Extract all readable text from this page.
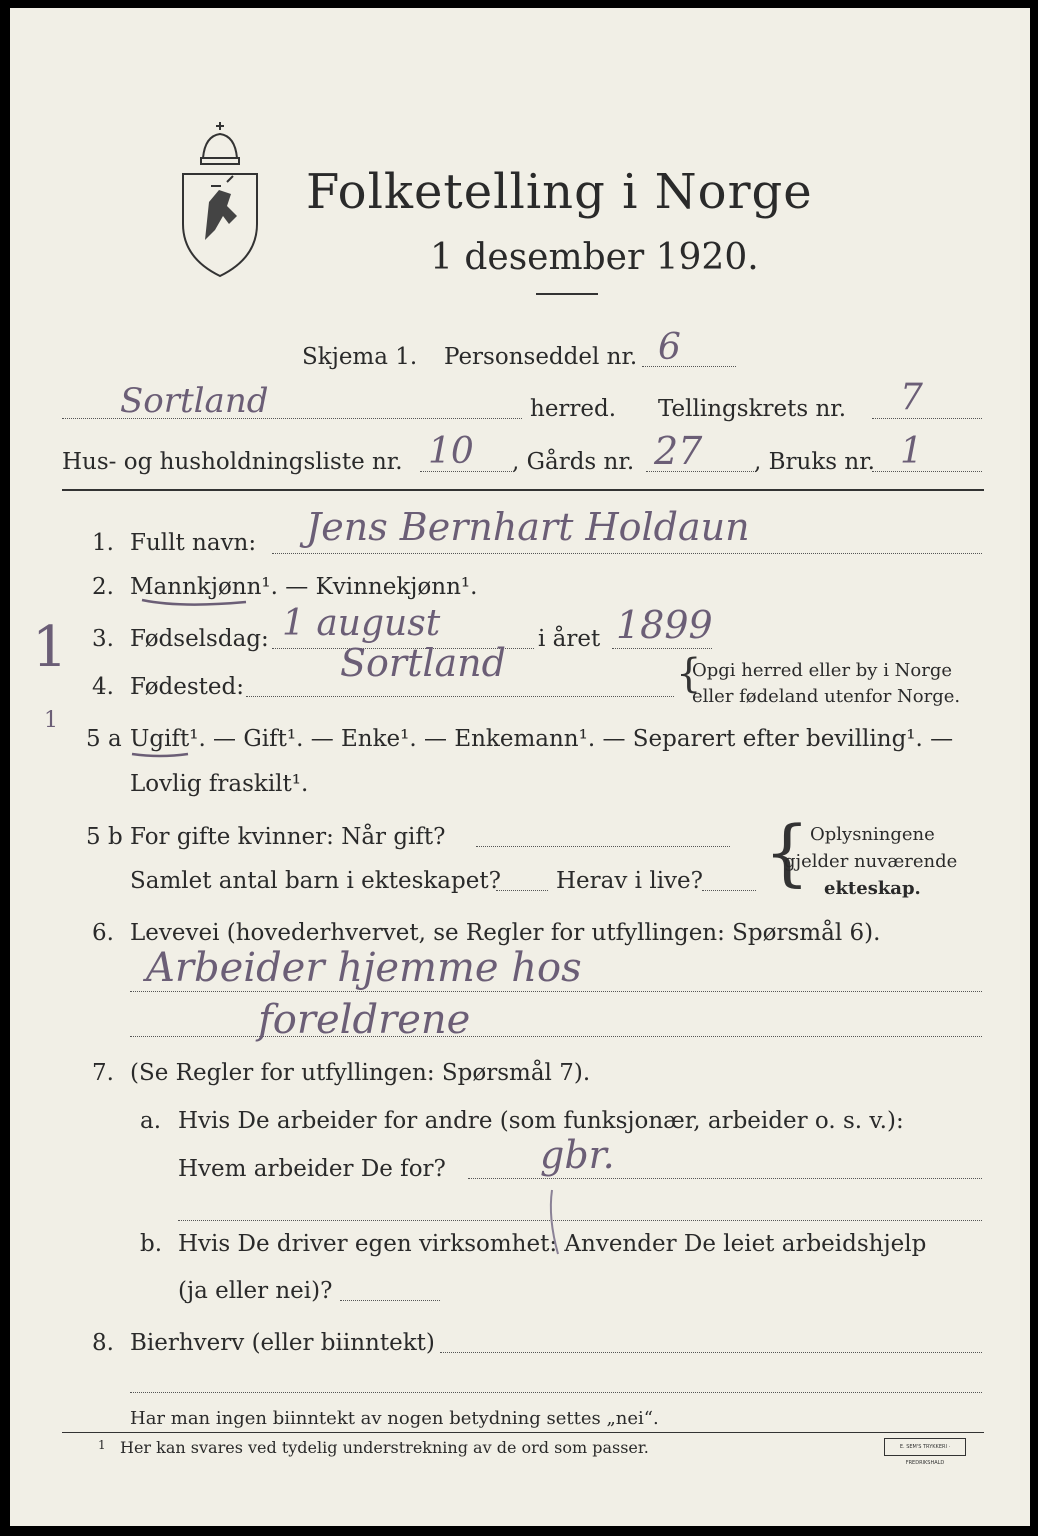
Folketelling i Norge
1 desember 1920.
Skjema 1. Personseddel nr. 6
Sortland	herred. Tellingskrets nr. 7
Hus- og husholdningsliste nr. 10 , Gårds nr. 27 , Bruks nr. 1
1. Fullt navn: Jens Bernhart Holdaun
2. Mannkjønn¹. — Kvinnekjønn¹.
3. Fødselsdag: 1 august	i året 1899
4. Fødested:
Sortland	{
Opgi herred eller by i Norge
eller fødeland utenfor Norge.
1
1
5 a Ugift¹. — Gift¹. — Enke¹. — Enkemann¹. — Separert efter bevilling¹. —
Lovlig fraskilt¹.
5 b For gifte kvinner: Når gift?
Samlet antal barn i ekteskapet? Herav i live? { Oplysningene
gjelder nuværende
ekteskap.
6. Levevei (hovederhvervet, se Regler for utfyllingen: Spørsmål 6).
Arbeider hjemme hos
foreldrene
7. (Se Regler for utfyllingen: Spørsmål 7).
a. Hvis De arbeider for andre (som funksjonær, arbeider o. s. v.):
Hvem arbeider De for? gbr.
b. Hvis De driver egen virksomhet: Anvender De leiet arbeidshjelp
(ja eller nei)?
8. Bierhverv (eller biinntekt)
Har man ingen biinntekt av nogen betydning settes „nei“.
1 Her kan svares ved tydelig understrekning av de ord som passer.	E. SEM'S TRYKKERI · FREDRIKSHALD
